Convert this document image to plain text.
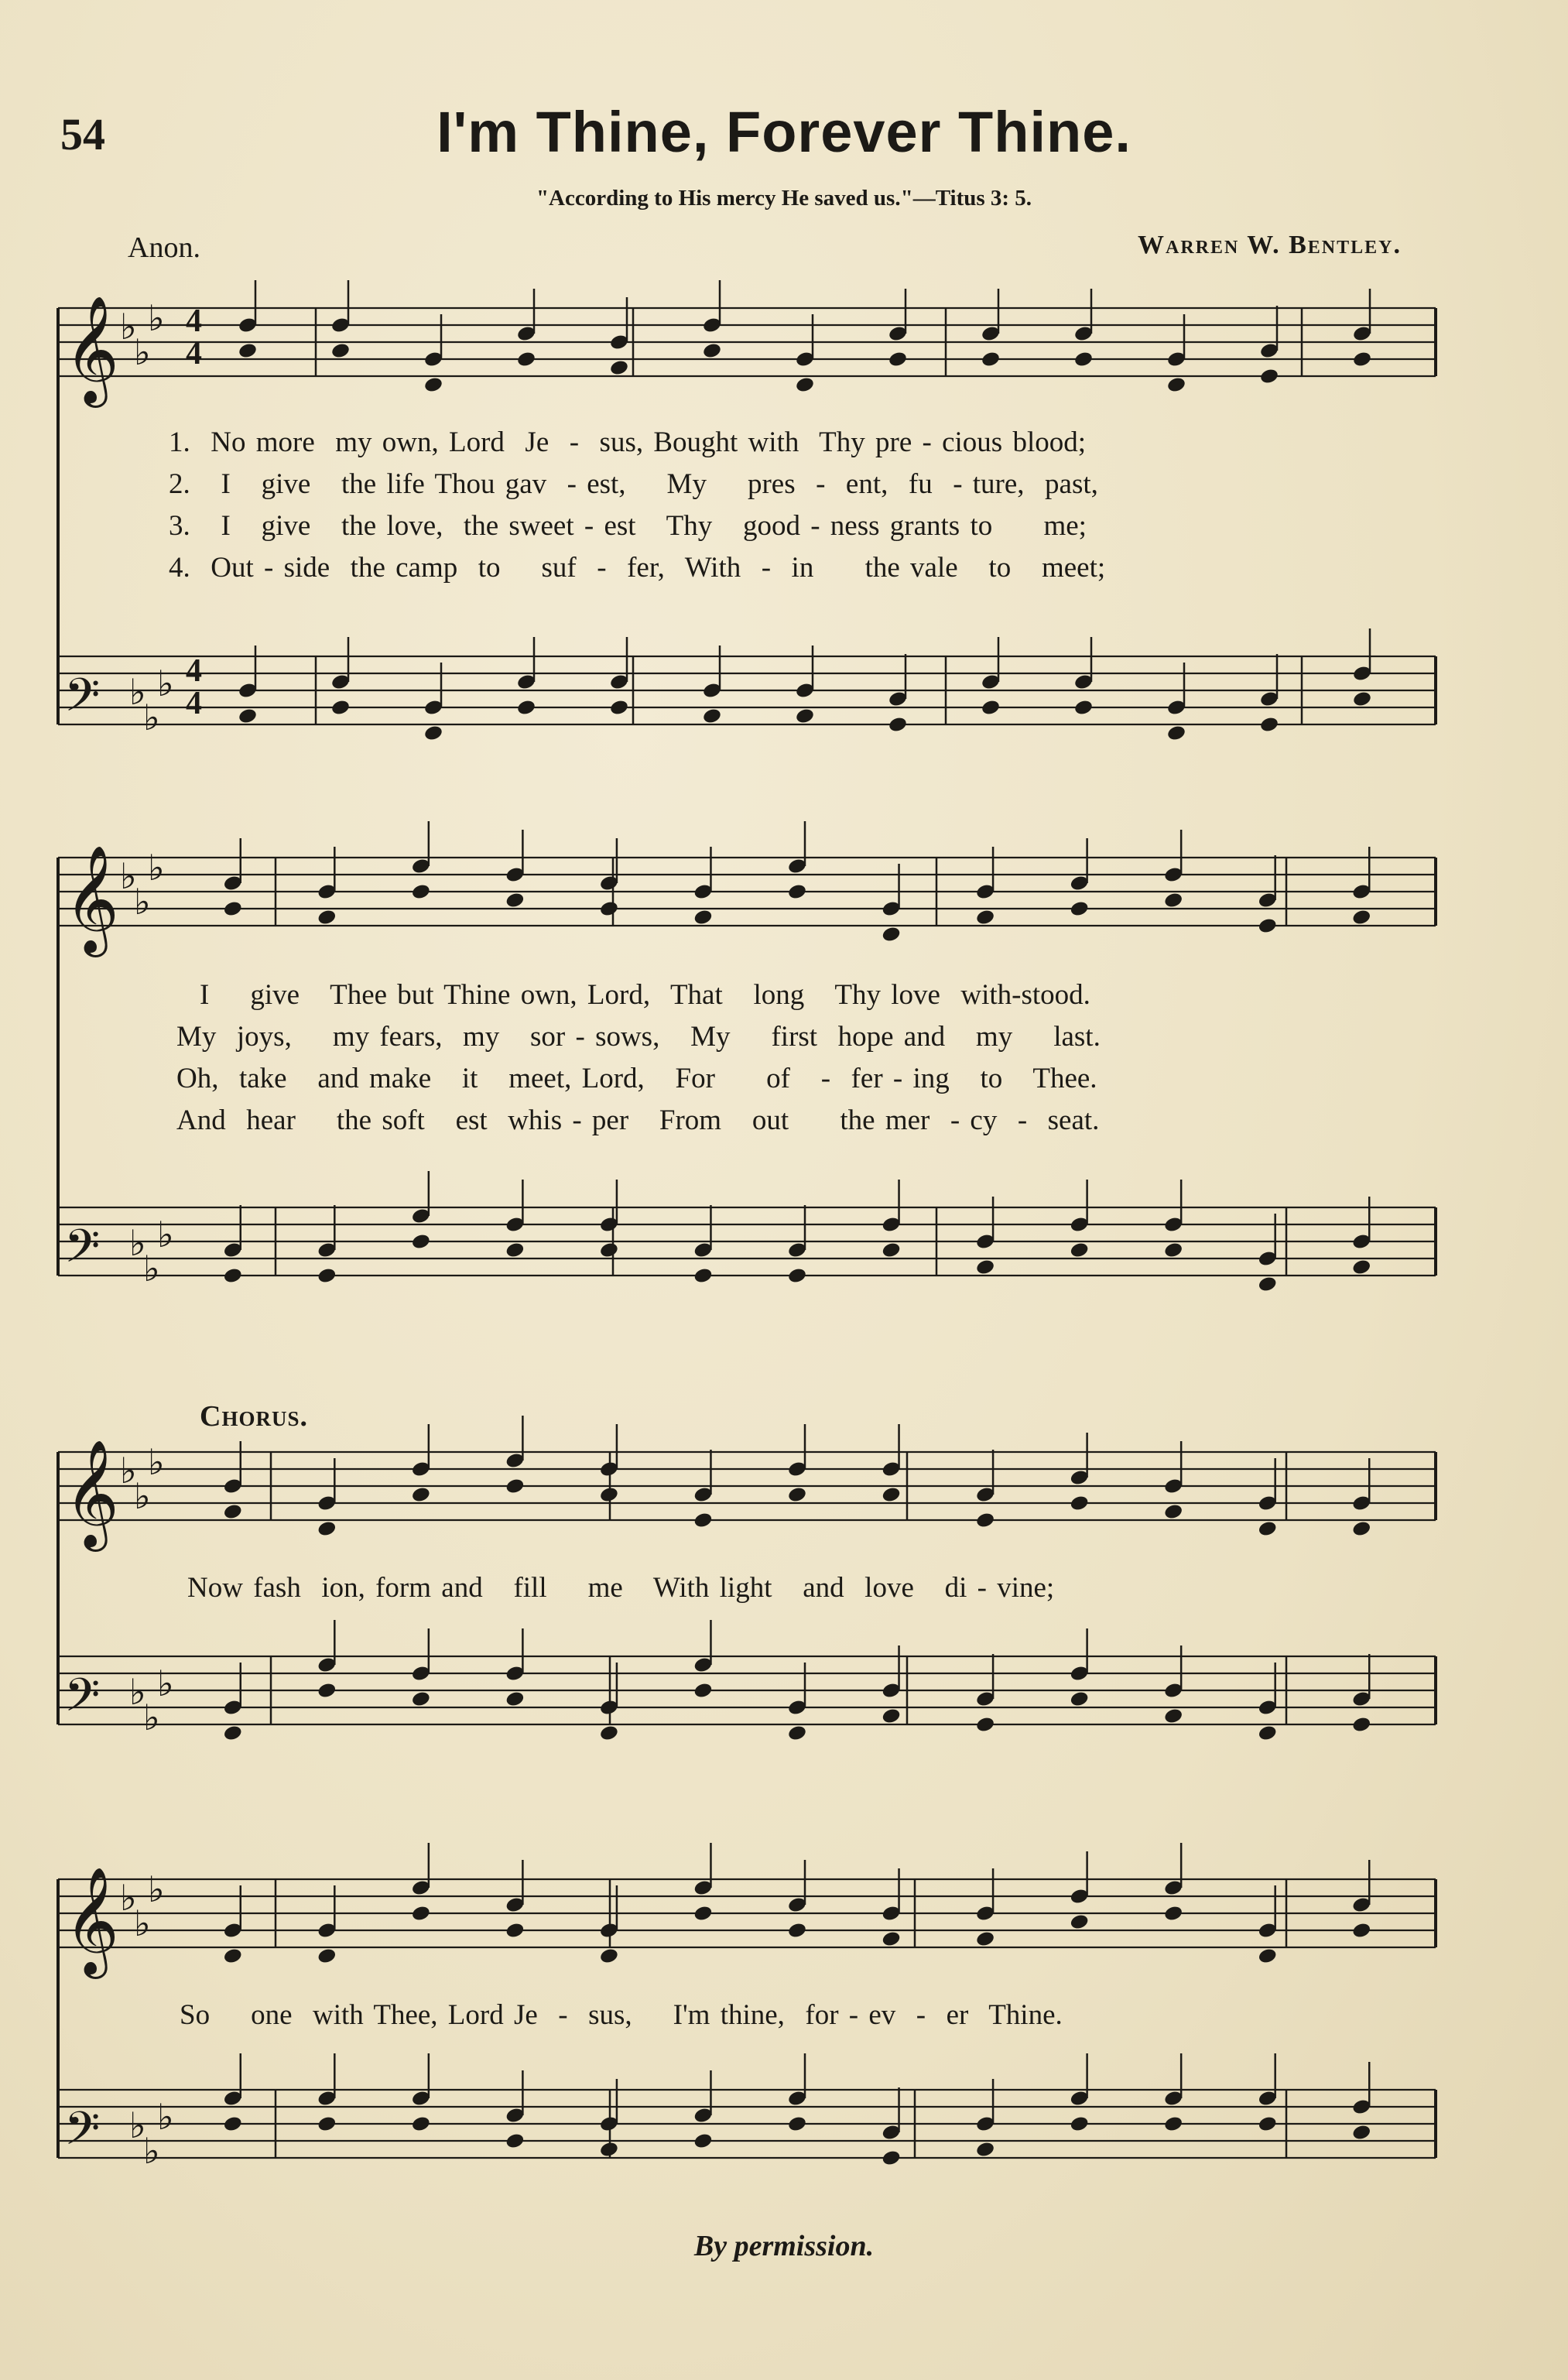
54	I'm Thine, Forever Thine.
"According to His mercy He saved us."—Titus 3: 5.
Anon.	Warren W. Bentley.
𝄞 ♭
♭
♭
𝄢 ♭
♭
♭
𝄞 ♭
♭
♭
𝄢 ♭
♭
♭
𝄞 ♭
♭
♭
𝄢 ♭
♭
♭
𝄞 ♭
♭
♭
𝄢 ♭
♭
♭
4
4
4
4
1.  No more  my own, Lord  Je  -  sus, Bought with  Thy pre - cious blood;
2.   I   give   the life Thou gav  - est,    My    pres  -  ent,  fu  - ture,  past,
3.   I   give   the love,  the sweet - est   Thy   good - ness grants to     me;
4.  Out - side  the camp  to    suf  -  fer,  With  -  in     the vale   to   meet;
I    give   Thee but Thine own, Lord,  That   long   Thy love  with-stood.
My  joys,    my fears,  my   sor - sows,   My    first  hope and   my    last.
Oh,  take   and make   it   meet, Lord,   For     of   -  fer - ing   to   Thee.
And  hear    the soft   est  whis - per   From   out     the mer  - cy  -  seat.
Chorus.
Now fash  ion, form and   fill    me   With light   and  love   di - vine;
So    one  with Thee, Lord Je  -  sus,    I'm thine,  for - ev  -  er  Thine.
By permission.
